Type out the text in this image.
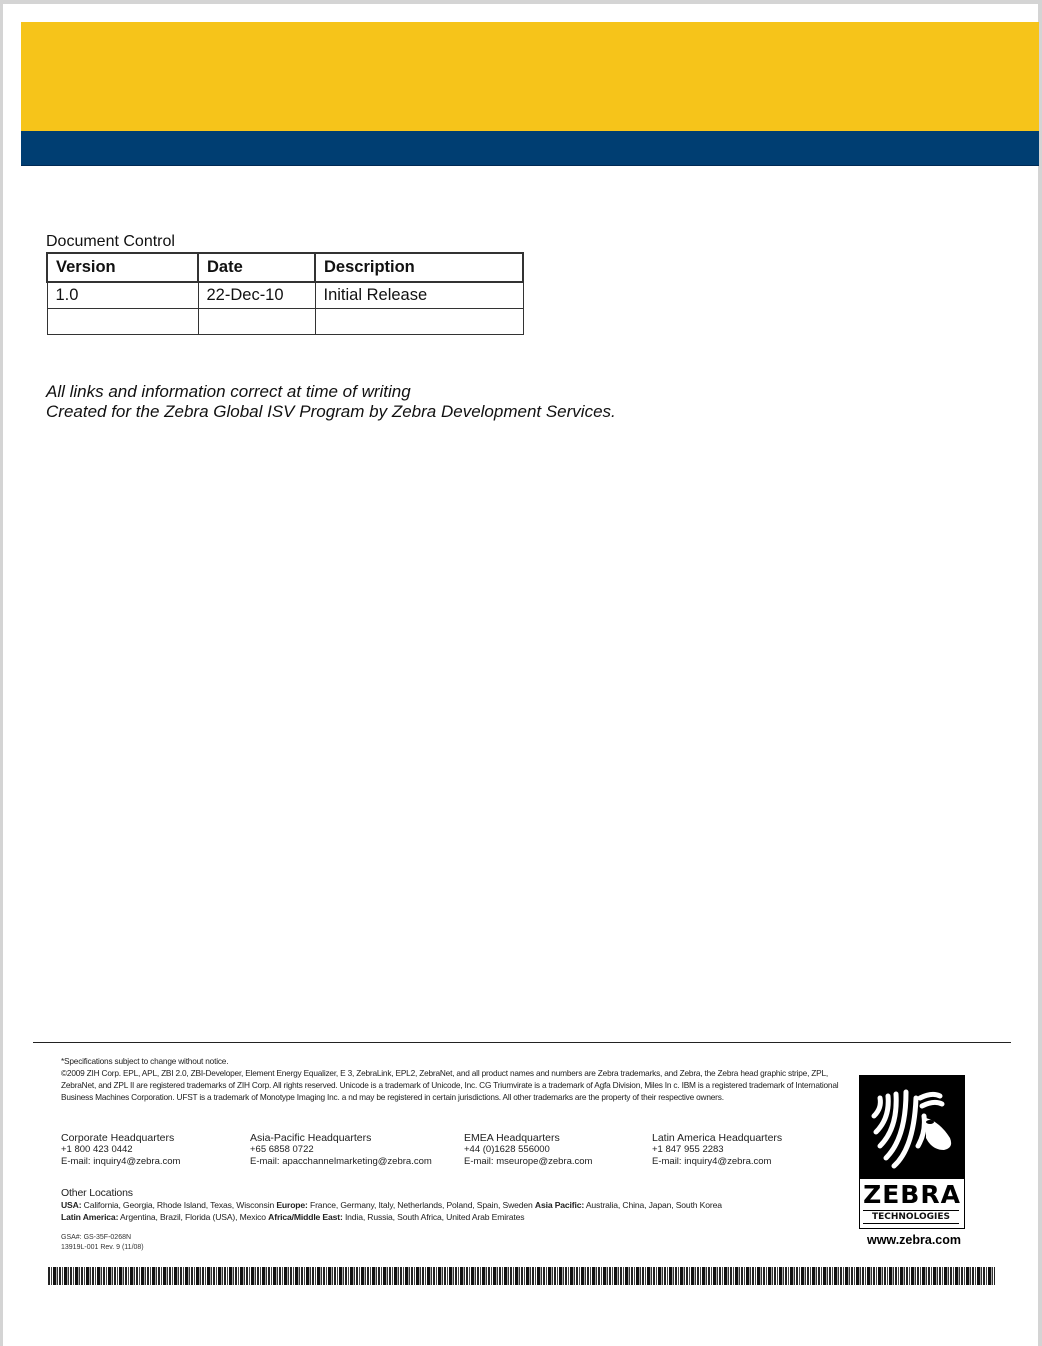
Document Control
Version	Date	Description
1.0	22-Dec-10	Initial Release

All links and information correct at time of writing
Created for the Zebra Global ISV Program by Zebra Development Services.
*Specifications subject to change without notice.
©2009 ZIH Corp. EPL, APL, ZBI 2.0, ZBI-Developer, Element Energy Equalizer, E 3, ZebraLink, EPL2, ZebraNet, and all product names and numbers are Zebra trademarks, and Zebra, the Zebra head graphic stripe, ZPL, ZebraNet, and ZPL II are registered trademarks of ZIH Corp. All rights reserved. Unicode is a trademark of Unicode, Inc. CG Triumvirate is a trademark of Agfa Division, Miles In c. IBM is a registered trademark of International Business Machines Corporation. UFST is a trademark of Monotype Imaging Inc. a nd may be registered in certain jurisdictions. All other trademarks are the property of their respective owners.
Corporate Headquarters
+1 800 423 0442
E-mail: inquiry4@zebra.com
Asia-Pacific Headquarters
+65 6858 0722
E-mail: apacchannelmarketing@zebra.com
EMEA Headquarters
+44 (0)1628 556000
E-mail: mseurope@zebra.com
Latin America Headquarters
+1 847 955 2283
E-mail: inquiry4@zebra.com
Other Locations
USA: California, Georgia, Rhode Island, Texas, Wisconsin Europe: France, Germany, Italy, Netherlands, Poland, Spain, Sweden Asia Pacific: Australia, China, Japan, South Korea
Latin America: Argentina, Brazil, Florida (USA), Mexico Africa/Middle East: India, Russia, South Africa, United Arab Emirates
GSA#: GS-35F-0268N
13919L-001 Rev. 9 (11/08)
ZEBRA
TECHNOLOGIES
www.zebra.com
